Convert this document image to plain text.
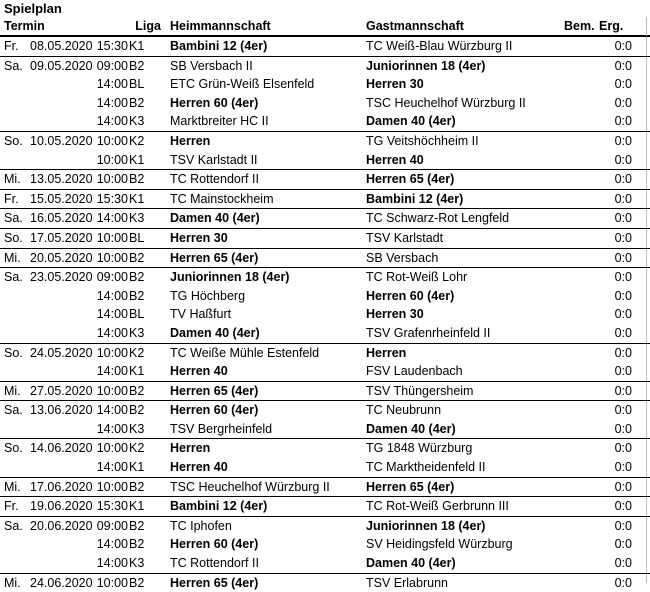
Spielplan
Termin	Liga Heimmannschaft	Gastmannschaft	Bem. Erg.
Fr. 08.05.2020 15:30 K1	Bambini 12 (4er)	TC Weiß-Blau Würzburg II	0:0
Sa. 09.05.2020 09:00 B2	SB Versbach II	Juniorinnen 18 (4er)	0:0
14:00 BL	ETC Grün-Weiß Elsenfeld	Herren 30	0:0
14:00 B2	Herren 60 (4er)	TSC Heuchelhof Würzburg II	0:0
14:00 K3	Marktbreiter HC II	Damen 40 (4er)	0:0
So. 10.05.2020 10:00 K2	Herren	TG Veitshöchheim II	0:0
10:00 K1	TSV Karlstadt II	Herren 40	0:0
Mi. 13.05.2020 10:00 B2	TC Rottendorf II	Herren 65 (4er)	0:0
Fr. 15.05.2020 15:30 K1	TC Mainstockheim	Bambini 12 (4er)	0:0
Sa. 16.05.2020 14:00 K3	Damen 40 (4er)	TC Schwarz-Rot Lengfeld	0:0
So. 17.05.2020 10:00 BL	Herren 30	TSV Karlstadt	0:0
Mi. 20.05.2020 10:00 B2	Herren 65 (4er)	SB Versbach	0:0
Sa. 23.05.2020 09:00 B2	Juniorinnen 18 (4er)	TC Rot-Weiß Lohr	0:0
14:00 B2	TG Höchberg	Herren 60 (4er)	0:0
14:00 BL	TV Haßfurt	Herren 30	0:0
14:00 K3	Damen 40 (4er)	TSV Grafenrheinfeld II	0:0
So. 24.05.2020 10:00 K2	TC Weiße Mühle Estenfeld	Herren	0:0
14:00 K1	Herren 40	FSV Laudenbach	0:0
Mi. 27.05.2020 10:00 B2	Herren 65 (4er)	TSV Thüngersheim	0:0
Sa. 13.06.2020 14:00 B2	Herren 60 (4er)	TC Neubrunn	0:0
14:00 K3	TSV Bergrheinfeld	Damen 40 (4er)	0:0
So. 14.06.2020 10:00 K2	Herren	TG 1848 Würzburg	0:0
14:00 K1	Herren 40	TC Marktheidenfeld II	0:0
Mi. 17.06.2020 10:00 B2	TSC Heuchelhof Würzburg II	Herren 65 (4er)	0:0
Fr. 19.06.2020 15:30 K1	Bambini 12 (4er)	TC Rot-Weiß Gerbrunn III	0:0
Sa. 20.06.2020 09:00 B2	TC Iphofen	Juniorinnen 18 (4er)	0:0
14:00 B2	Herren 60 (4er)	SV Heidingsfeld Würzburg	0:0
14:00 K3	TC Rottendorf II	Damen 40 (4er)	0:0
Mi. 24.06.2020 10:00 B2	Herren 65 (4er)	TSV Erlabrunn	0:0
